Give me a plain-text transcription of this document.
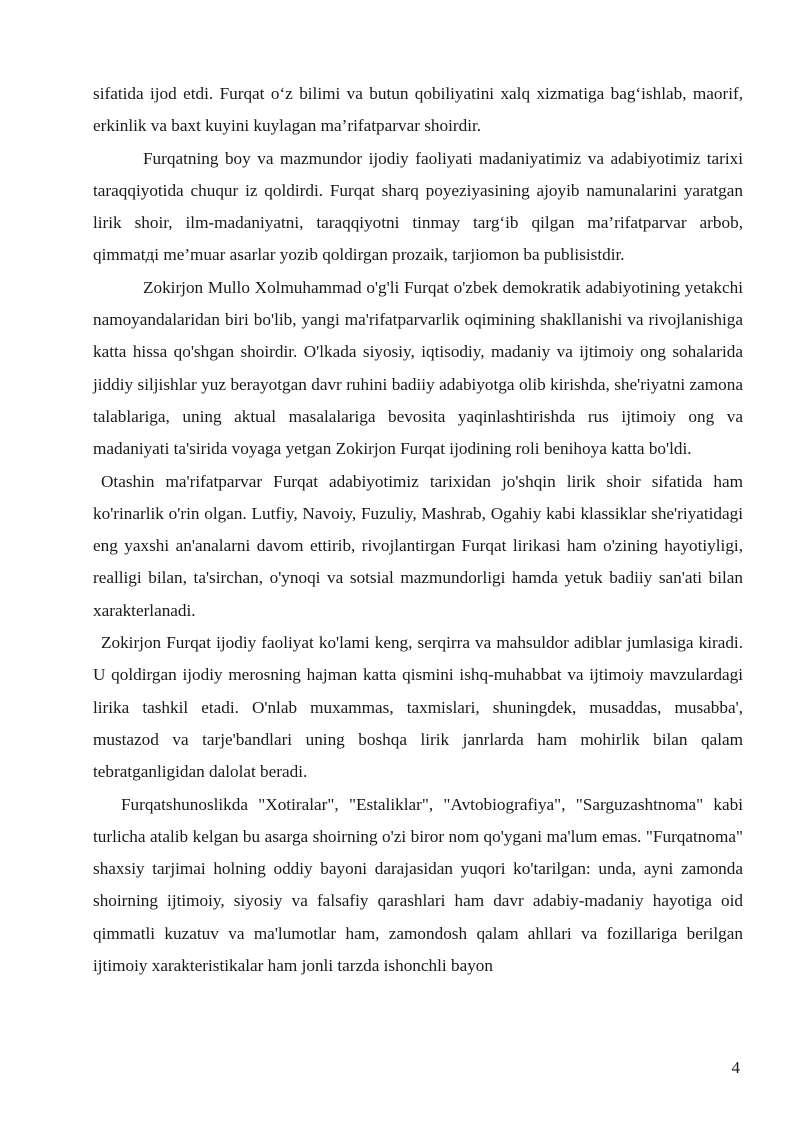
sifatida ijod etdi. Furqat o‘z bilimi va butun qobiliyatini xalq xizmatiga bag‘ishlab, maorif, erkinlik va baxt kuyini kuylagan ma’rifatparvar shoirdir.

Furqatning boy va mazmundor ijodiy faoliyati madaniyatimiz va adabiyotimiz tarixi taraqqiyotida chuqur iz qoldirdi. Furqat sharq poyeziyasining ajoyib namunalarini yaratgan lirik shoir, ilm-madaniyatni, taraqqiyotni tinmay targ‘ib qilgan ma’rifatparvar arbob, qimmatдi me’muar asarlar yozib qoldirgan prozaik, tarjiomon ba publisistdir.

Zokirjon Mullo Xolmuhammad o'g'li Furqat o'zbek demokratik adabiyotining yetakchi namoyandalaridan biri bo'lib, yangi ma'rifatparvarlik oqimining shakllanishi va rivojlanishiga katta hissa qo'shgan shoirdir. O'lkada siyosiy, iqtisodiy, madaniy va ijtimoiy ong sohalarida jiddiy siljishlar yuz berayotgan davr ruhini badiiy adabiyotga olib kirishda, she'riyatni zamona talablariga, uning aktual masalalariga bevosita yaqinlashtirishda rus ijtimoiy ong va madaniyati ta'sirida voyaga yetgan Zokirjon Furqat ijodining roli benihoya katta bo'ldi.

Otashin ma'rifatparvar Furqat adabiyotimiz tarixidan jo'shqin lirik shoir sifatida ham ko'rinarlik o'rin olgan. Lutfiy, Navoiy, Fuzuliy, Mashrab, Ogahiy kabi klassiklar she'riyatidagi eng yaxshi an'analarni davom ettirib, rivojlantirgan Furqat lirikasi ham o'zining hayotiyligi, realligi bilan, ta'sirchan, o'ynoqi va sotsial mazmundorligi hamda yetuk badiiy san'ati bilan xarakterlanadi.

Zokirjon Furqat ijodiy faoliyat ko'lami keng, serqirra va mahsuldor adiblar jumlasiga kiradi. U qoldirgan ijodiy merosning hajman katta qismini ishq-muhabbat va ijtimoiy mavzulardagi lirika tashkil etadi. O'nlab muxammas, taxmislari, shuningdek, musaddas, musabba', mustazod va tarje'bandlari uning boshqa lirik janrlarda ham mohirlik bilan qalam tebratganligidan dalolat beradi.

Furqatshunoslikda "Xotiralar", "Estaliklar", "Avtobiografiya", "Sarguzashtnoma" kabi turlicha atalib kelgan bu asarga shoirning o'zi biror nom qo'ygani ma'lum emas. "Furqatnoma" shaxsiy tarjimai holning oddiy bayoni darajasidan yuqori ko'tarilgan: unda, ayni zamonda shoirning ijtimoiy, siyosiy va falsafiy qarashlari ham davr adabiy-madaniy hayotiga oid qimmatli kuzatuv va ma'lumotlar ham, zamondosh qalam ahllari va fozillariga berilgan ijtimoiy xarakteristikalar ham jonli tarzda ishonchli bayon

4
